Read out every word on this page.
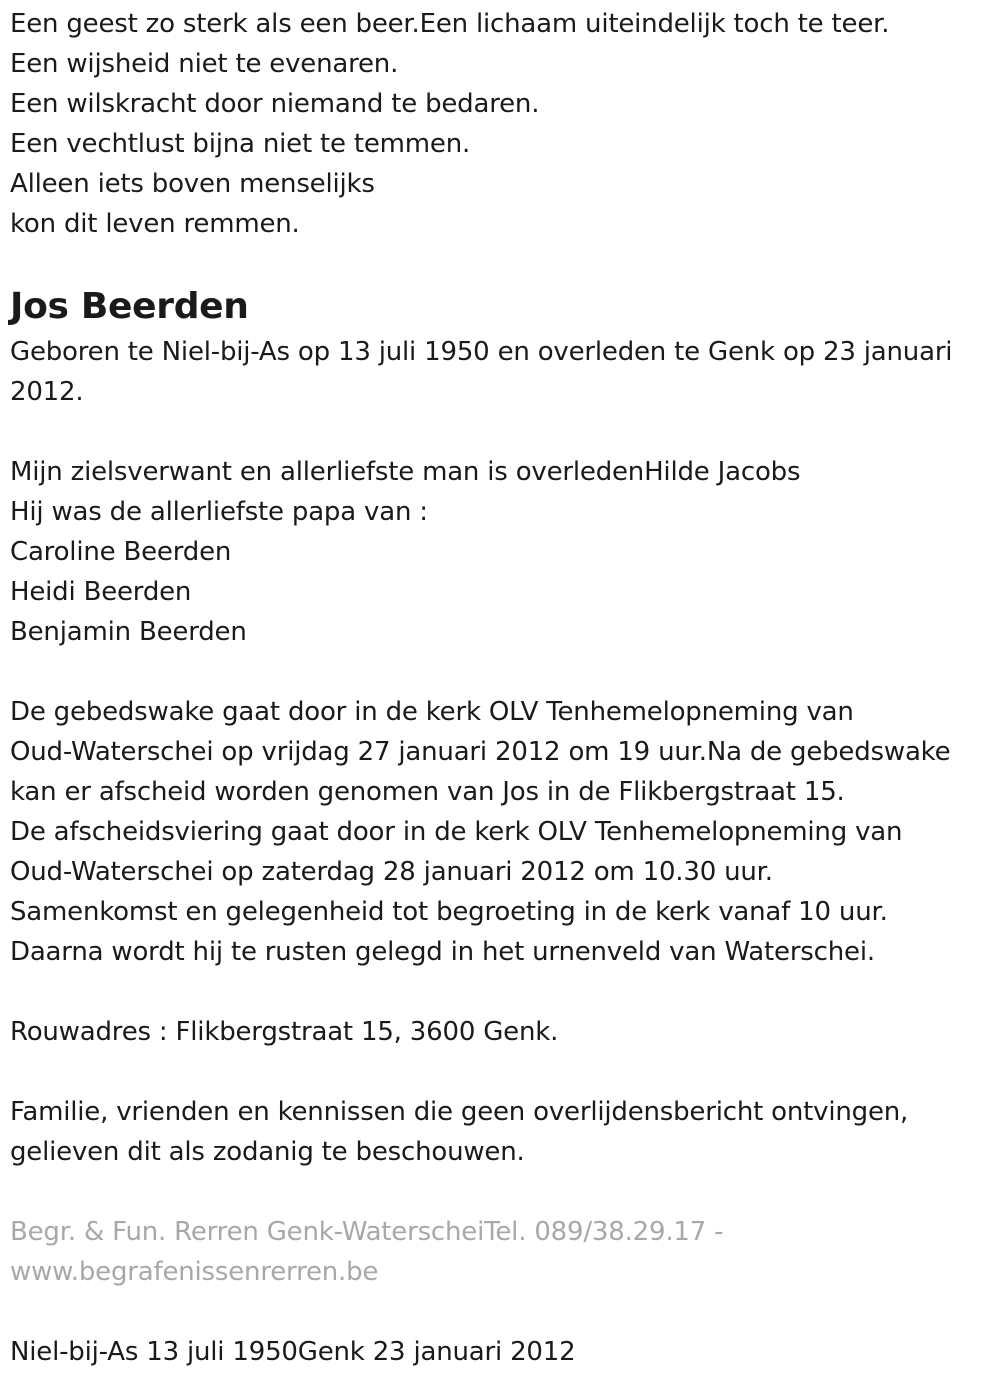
Een geest zo sterk als een beer.Een lichaam uiteindelijk toch te teer.
Een wijsheid niet te evenaren.
Een wilskracht door niemand te bedaren.
Een vechtlust bijna niet te temmen.
Alleen iets boven menselijks
kon dit leven remmen.
Jos Beerden
Geboren te Niel-bij-As op 13 juli 1950 en overleden te Genk op 23 januari
2012.
Mijn zielsverwant en allerliefste man is overledenHilde Jacobs
Hij was de allerliefste papa van :
Caroline Beerden
Heidi Beerden
Benjamin Beerden
De gebedswake gaat door in de kerk OLV Tenhemelopneming van
Oud-Waterschei op vrijdag 27 januari 2012 om 19 uur.Na de gebedswake
kan er afscheid worden genomen van Jos in de Flikbergstraat 15.
De afscheidsviering gaat door in de kerk OLV Tenhemelopneming van
Oud-Waterschei op zaterdag 28 januari 2012 om 10.30 uur.
Samenkomst en gelegenheid tot begroeting in de kerk vanaf 10 uur.
Daarna wordt hij te rusten gelegd in het urnenveld van Waterschei.
Rouwadres : Flikbergstraat 15, 3600 Genk.
Familie, vrienden en kennissen die geen overlijdensbericht ontvingen,
gelieven dit als zodanig te beschouwen.
Begr. & Fun. Rerren Genk-WaterscheiTel. 089/38.29.17 -
www.begrafenissenrerren.be
Niel-bij-As 13 juli 1950Genk 23 januari 2012
